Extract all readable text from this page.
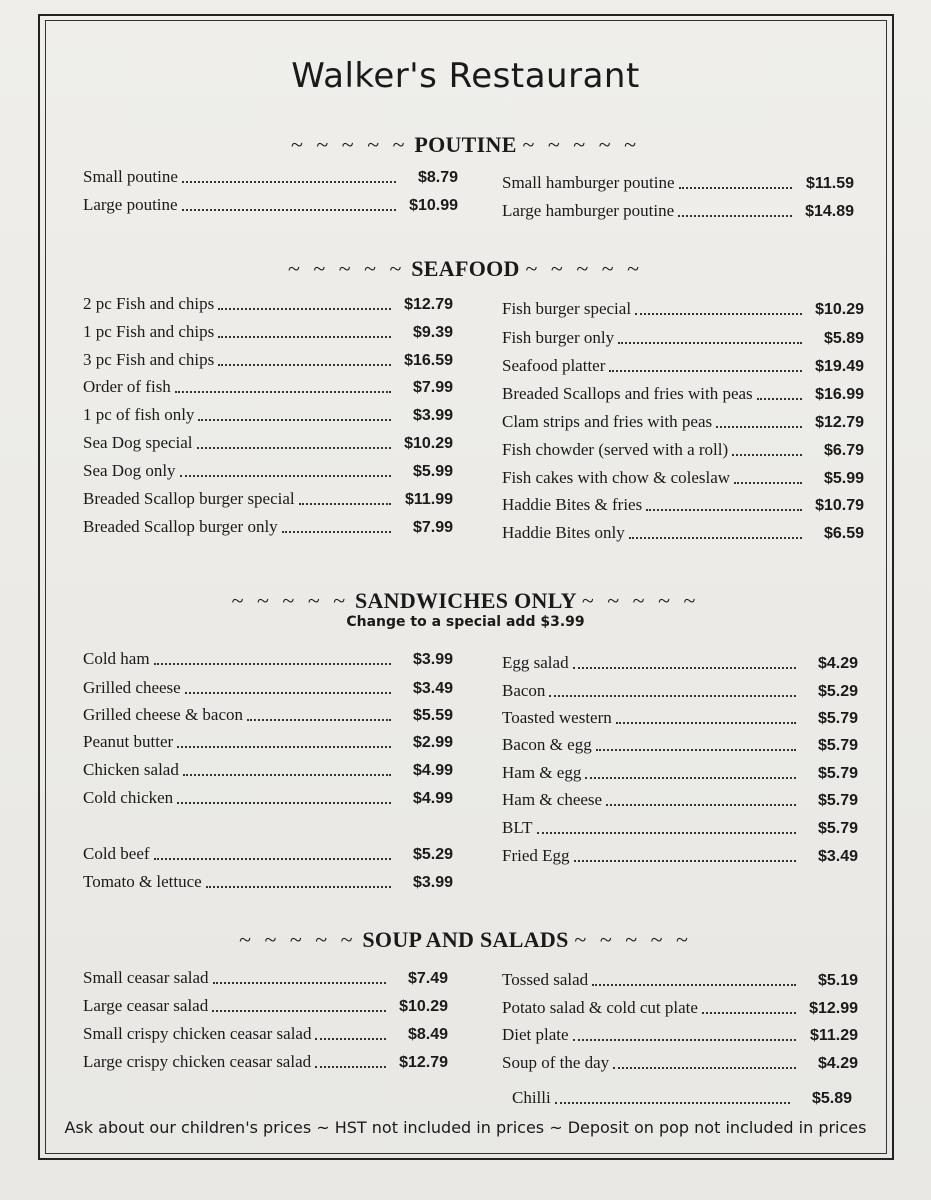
Walker's Restaurant
~ ~ ~ ~ ~ POUTINE ~ ~ ~ ~ ~
Small poutine	$8.79
Large poutine	$10.99
Small hamburger poutine	$11.59
Large hamburger poutine	$14.89
~ ~ ~ ~ ~ SEAFOOD ~ ~ ~ ~ ~
2 pc Fish and chips	$12.79
1 pc Fish and chips	$9.39
3 pc Fish and chips	$16.59
Order of fish	$7.99
1 pc of fish only	$3.99
Sea Dog special	$10.29
Sea Dog only	$5.99
Breaded Scallop burger special	$11.99
Breaded Scallop burger only	$7.99
Fish burger special	$10.29
Fish burger only	$5.89
Seafood platter	$19.49
Breaded Scallops and fries with peas	$16.99
Clam strips and fries with peas	$12.79
Fish chowder (served with a roll)	$6.79
Fish cakes with chow & coleslaw	$5.99
Haddie Bites & fries	$10.79
Haddie Bites only	$6.59
~ ~ ~ ~ ~ SANDWICHES ONLY ~ ~ ~ ~ ~
Change to a special add $3.99
Cold ham	$3.99
Grilled cheese	$3.49
Grilled cheese & bacon	$5.59
Peanut butter	$2.99
Chicken salad	$4.99
Cold chicken	$4.99
Cold beef	$5.29
Tomato & lettuce	$3.99
Egg salad	$4.29
Bacon	$5.29
Toasted western	$5.79
Bacon & egg	$5.79
Ham & egg	$5.79
Ham & cheese	$5.79
BLT	$5.79
Fried Egg	$3.49
~ ~ ~ ~ ~ SOUP AND SALADS ~ ~ ~ ~ ~
Small ceasar salad	$7.49
Large ceasar salad	$10.29
Small crispy chicken ceasar salad	$8.49
Large crispy chicken ceasar salad	$12.79
Tossed salad	$5.19
Potato salad & cold cut plate	$12.99
Diet plate	$11.29
Soup of the day	$4.29
Chilli	$5.89
Ask about our children's prices ~ HST not included in prices ~ Deposit on pop not included in prices
